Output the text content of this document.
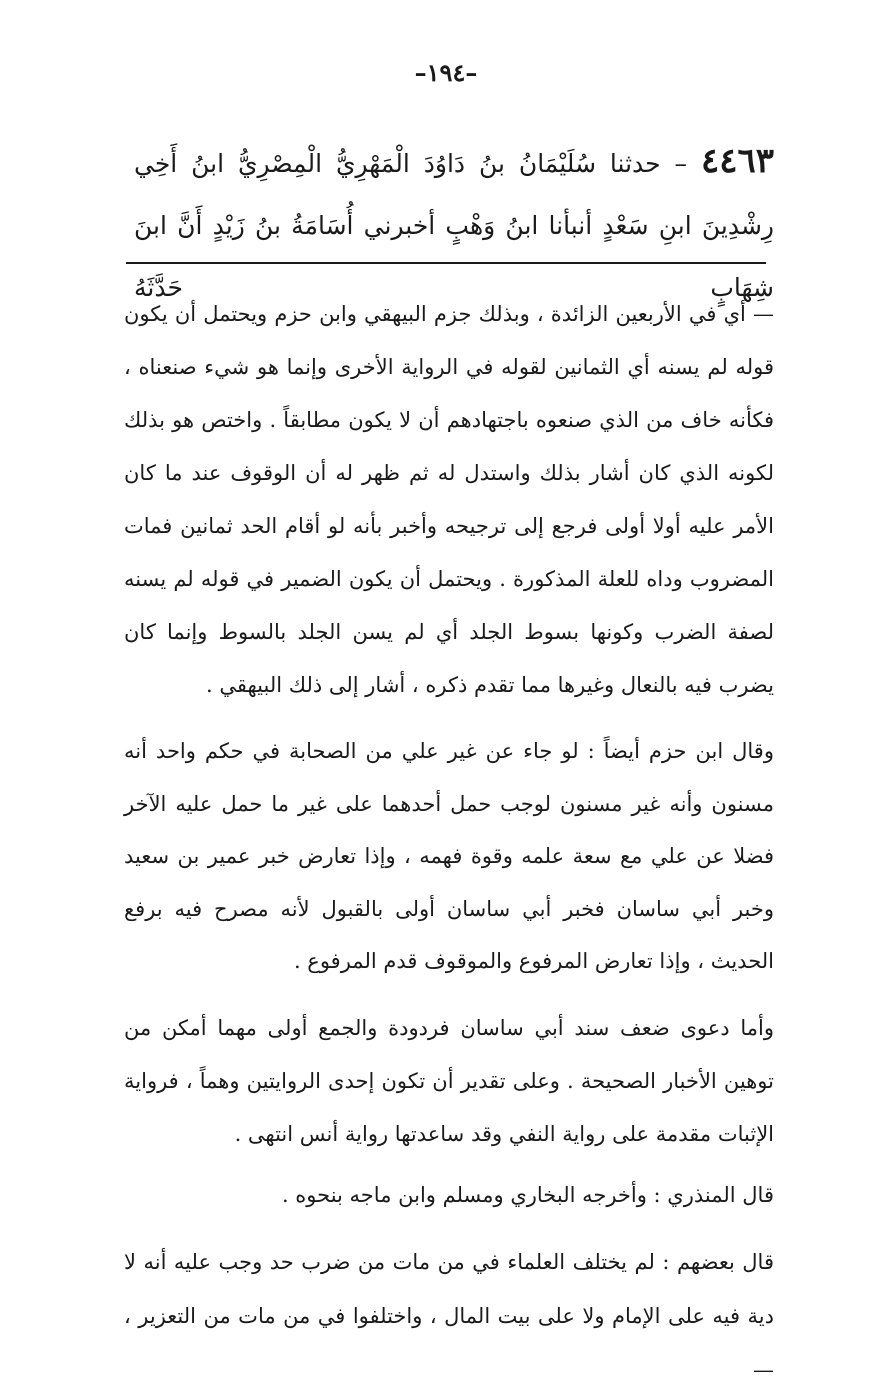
–١٩٤–
٤٤٦٣ – حدثنا سُلَيْمَانُ بنُ دَاوُدَ الْمَهْرِيُّ الْمِصْرِيُّ ابنُ أَخِي رِشْدِينَ ابنِ سَعْدٍ أنبأنا ابنُ وَهْبٍ أخبرني أُسَامَةُ بنُ زَيْدٍ أَنَّ ابنَ شِهَابٍ حَدَّثَهُ

— أي في الأربعين الزائدة ، وبذلك جزم البيهقي وابن حزم ويحتمل أن يكون قوله لم يسنه أي الثمانين لقوله في الرواية الأخرى وإنما هو شيء صنعناه ، فكأنه خاف من الذي صنعوه باجتهادهم أن لا يكون مطابقاً . واختص هو بذلك لكونه الذي كان أشار بذلك واستدل له ثم ظهر له أن الوقوف عند ما كان الأمر عليه أولا أولى فرجع إلى ترجيحه وأخبر بأنه لو أقام الحد ثمانين فمات المضروب وداه للعلة المذكورة . ويحتمل أن يكون الضمير في قوله لم يسنه لصفة الضرب وكونها بسوط الجلد أي لم يسن الجلد بالسوط وإنما كان يضرب فيه بالنعال وغيرها مما تقدم ذكره ، أشار إلى ذلك البيهقي .

وقال ابن حزم أيضاً : لو جاء عن غير علي من الصحابة في حكم واحد أنه مسنون وأنه غير مسنون لوجب حمل أحدهما على غير ما حمل عليه الآخر فضلا عن علي مع سعة علمه وقوة فهمه ، وإذا تعارض خبر عمير بن سعيد وخبر أبي ساسان فخبر أبي ساسان أولى بالقبول لأنه مصرح فيه برفع الحديث ، وإذا تعارض المرفوع والموقوف قدم المرفوع .

وأما دعوى ضعف سند أبي ساسان فردودة والجمع أولى مهما أمكن من توهين الأخبار الصحيحة . وعلى تقدير أن تكون إحدى الروايتين وهماً ، فرواية الإثبات مقدمة على رواية النفي وقد ساعدتها رواية أنس انتهى .

قال المنذري : وأخرجه البخاري ومسلم وابن ماجه بنحوه .

قال بعضهم : لم يختلف العلماء في من مات من ضرب حد وجب عليه أنه لا دية فيه على الإمام ولا على بيت المال ، واختلفوا في من مات من التعزير ، —
